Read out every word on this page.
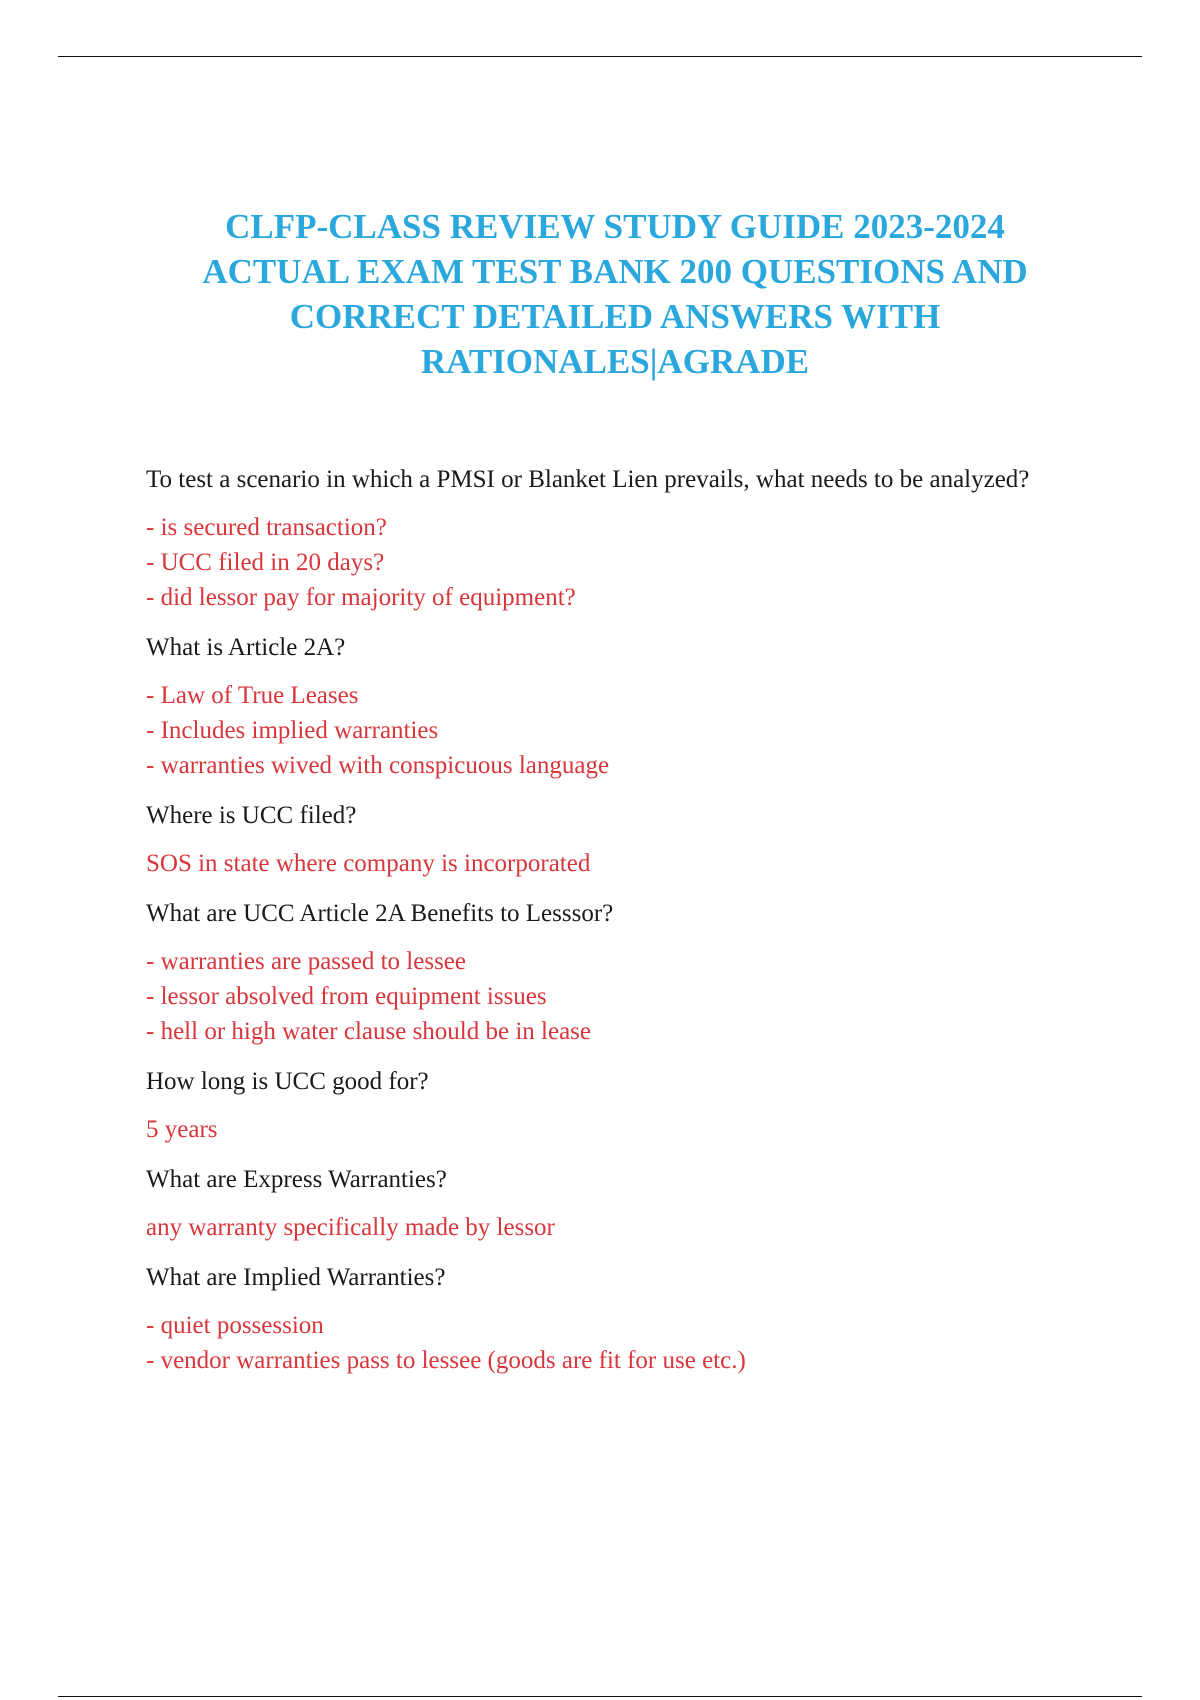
CLFP-CLASS REVIEW STUDY GUIDE 2023-2024
ACTUAL EXAM TEST BANK 200 QUESTIONS AND
CORRECT DETAILED ANSWERS WITH
RATIONALES|AGRADE

To test a scenario in which a PMSI or Blanket Lien prevails, what needs to be analyzed?

- is secured transaction?
- UCC filed in 20 days?
- did lessor pay for majority of equipment?

What is Article 2A?

- Law of True Leases
- Includes implied warranties
- warranties wived with conspicuous language

Where is UCC filed?

SOS in state where company is incorporated

What are UCC Article 2A Benefits to Lesssor?

- warranties are passed to lessee
- lessor absolved from equipment issues
- hell or high water clause should be in lease

How long is UCC good for?

5 years

What are Express Warranties?

any warranty specifically made by lessor

What are Implied Warranties?

- quiet possession
- vendor warranties pass to lessee (goods are fit for use etc.)
